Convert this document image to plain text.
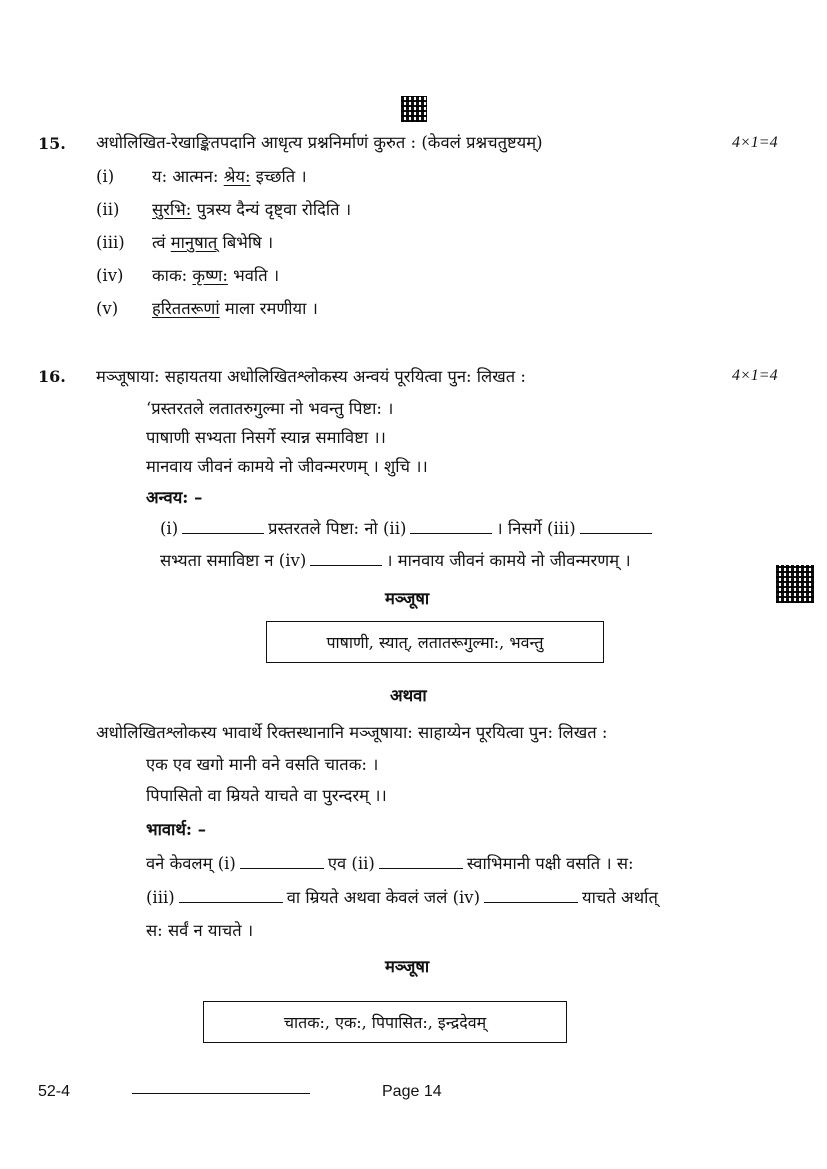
15. अधोलिखित-रेखाङ्कितपदानि आधृत्य प्रश्ननिर्माणं कुरुत : (केवलं प्रश्नचतुष्टयम्)	4×1=4
(i) य: आत्मन: श्रेय: इच्छति ।
(ii) सुरभि: पुत्रस्य दैन्यं दृष्ट्वा रोदिति ।
(iii) त्वं मानुषात् बिभेषि ।
(iv) काक: कृष्ण: भवति ।
(v) हरिततरूणां माला रमणीया ।
16. मञ्जूषाया: सहायतया अधोलिखितश्लोकस्य अन्वयं पूरयित्वा पुन: लिखत :	4×1=4
‘प्रस्तरतले लतातरुगुल्मा नो भवन्तु पिष्टा: ।
पाषाणी सभ्यता निसर्गे स्यान्न समाविष्टा ।।
मानवाय जीवनं कामये नो जीवन्मरणम् । शुचि ।।
अन्वय: –
(i)	प्रस्तरतले पिष्टा: नो (ii)	। निसर्गे (iii)
सभ्यता समाविष्टा न (iv)	। मानवाय जीवनं कामये नो जीवन्मरणम् ।
मञ्जूषा
पाषाणी, स्यात्, लतातरूगुल्मा:, भवन्तु
अथवा
अधोलिखितश्लोकस्य भावार्थे रिक्तस्थानानि मञ्जूषाया: साहाय्येन पूरयित्वा पुन: लिखत :
एक एव खगो मानी वने वसति चातक: ।
पिपासितो वा म्रियते याचते वा पुरन्दरम् ।।
भावार्थ: –
वने केवलम् (i)	एव (ii)	स्वाभिमानी पक्षी वसति । स:
(iii)	वा म्रियते अथवा केवलं जलं (iv)	याचते अर्थात्
स: सर्वं न याचते ।
मञ्जूषा
चातक:, एक:, पिपासित:, इन्द्रदेवम्
52-4	Page 14
